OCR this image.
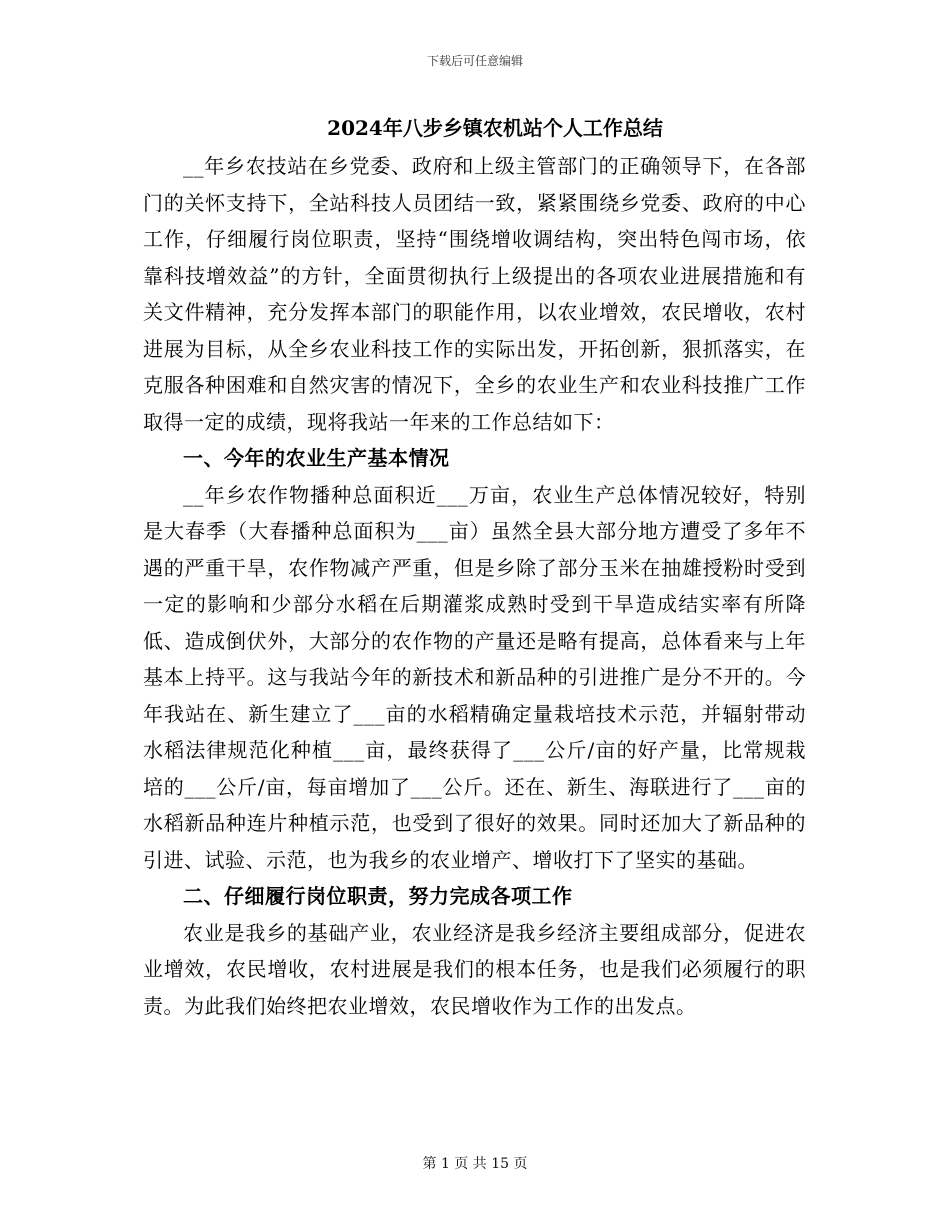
下载后可任意编辑
2024年八步乡镇农机站个人工作总结

__年乡农技站在乡党委、政府和上级主管部门的正确领导下，在各部门的关怀支持下，全站科技人员团结一致，紧紧围绕乡党委、政府的中心工作，仔细履行岗位职责，坚持“围绕增收调结构，突出特色闯市场，依靠科技增效益”的方针，全面贯彻执行上级提出的各项农业进展措施和有关文件精神，充分发挥本部门的职能作用，以农业增效，农民增收，农村进展为目标，从全乡农业科技工作的实际出发，开拓创新，狠抓落实，在克服各种困难和自然灾害的情况下，全乡的农业生产和农业科技推广工作取得一定的成绩，现将我站一年来的工作总结如下：

一、今年的农业生产基本情况

__年乡农作物播种总面积近___万亩，农业生产总体情况较好，特别是大春季（大春播种总面积为___亩）虽然全县大部分地方遭受了多年不遇的严重干旱，农作物减产严重，但是乡除了部分玉米在抽雄授粉时受到一定的影响和少部分水稻在后期灌浆成熟时受到干旱造成结实率有所降低、造成倒伏外，大部分的农作物的产量还是略有提高，总体看来与上年基本上持平。这与我站今年的新技术和新品种的引进推广是分不开的。今年我站在、新生建立了___亩的水稻精确定量栽培技术示范，并辐射带动水稻法律规范化种植___亩，最终获得了___公斤/亩的好产量，比常规栽培的___公斤/亩，每亩增加了___公斤。还在、新生、海联进行了___亩的水稻新品种连片种植示范，也受到了很好的效果。同时还加大了新品种的引进、试验、示范，也为我乡的农业增产、增收打下了坚实的基础。

二、仔细履行岗位职责，努力完成各项工作

农业是我乡的基础产业，农业经济是我乡经济主要组成部分，促进农业增效，农民增收，农村进展是我们的根本任务，也是我们必须履行的职责。为此我们始终把农业增效，农民增收作为工作的出发点。

第 1 页 共 15 页
